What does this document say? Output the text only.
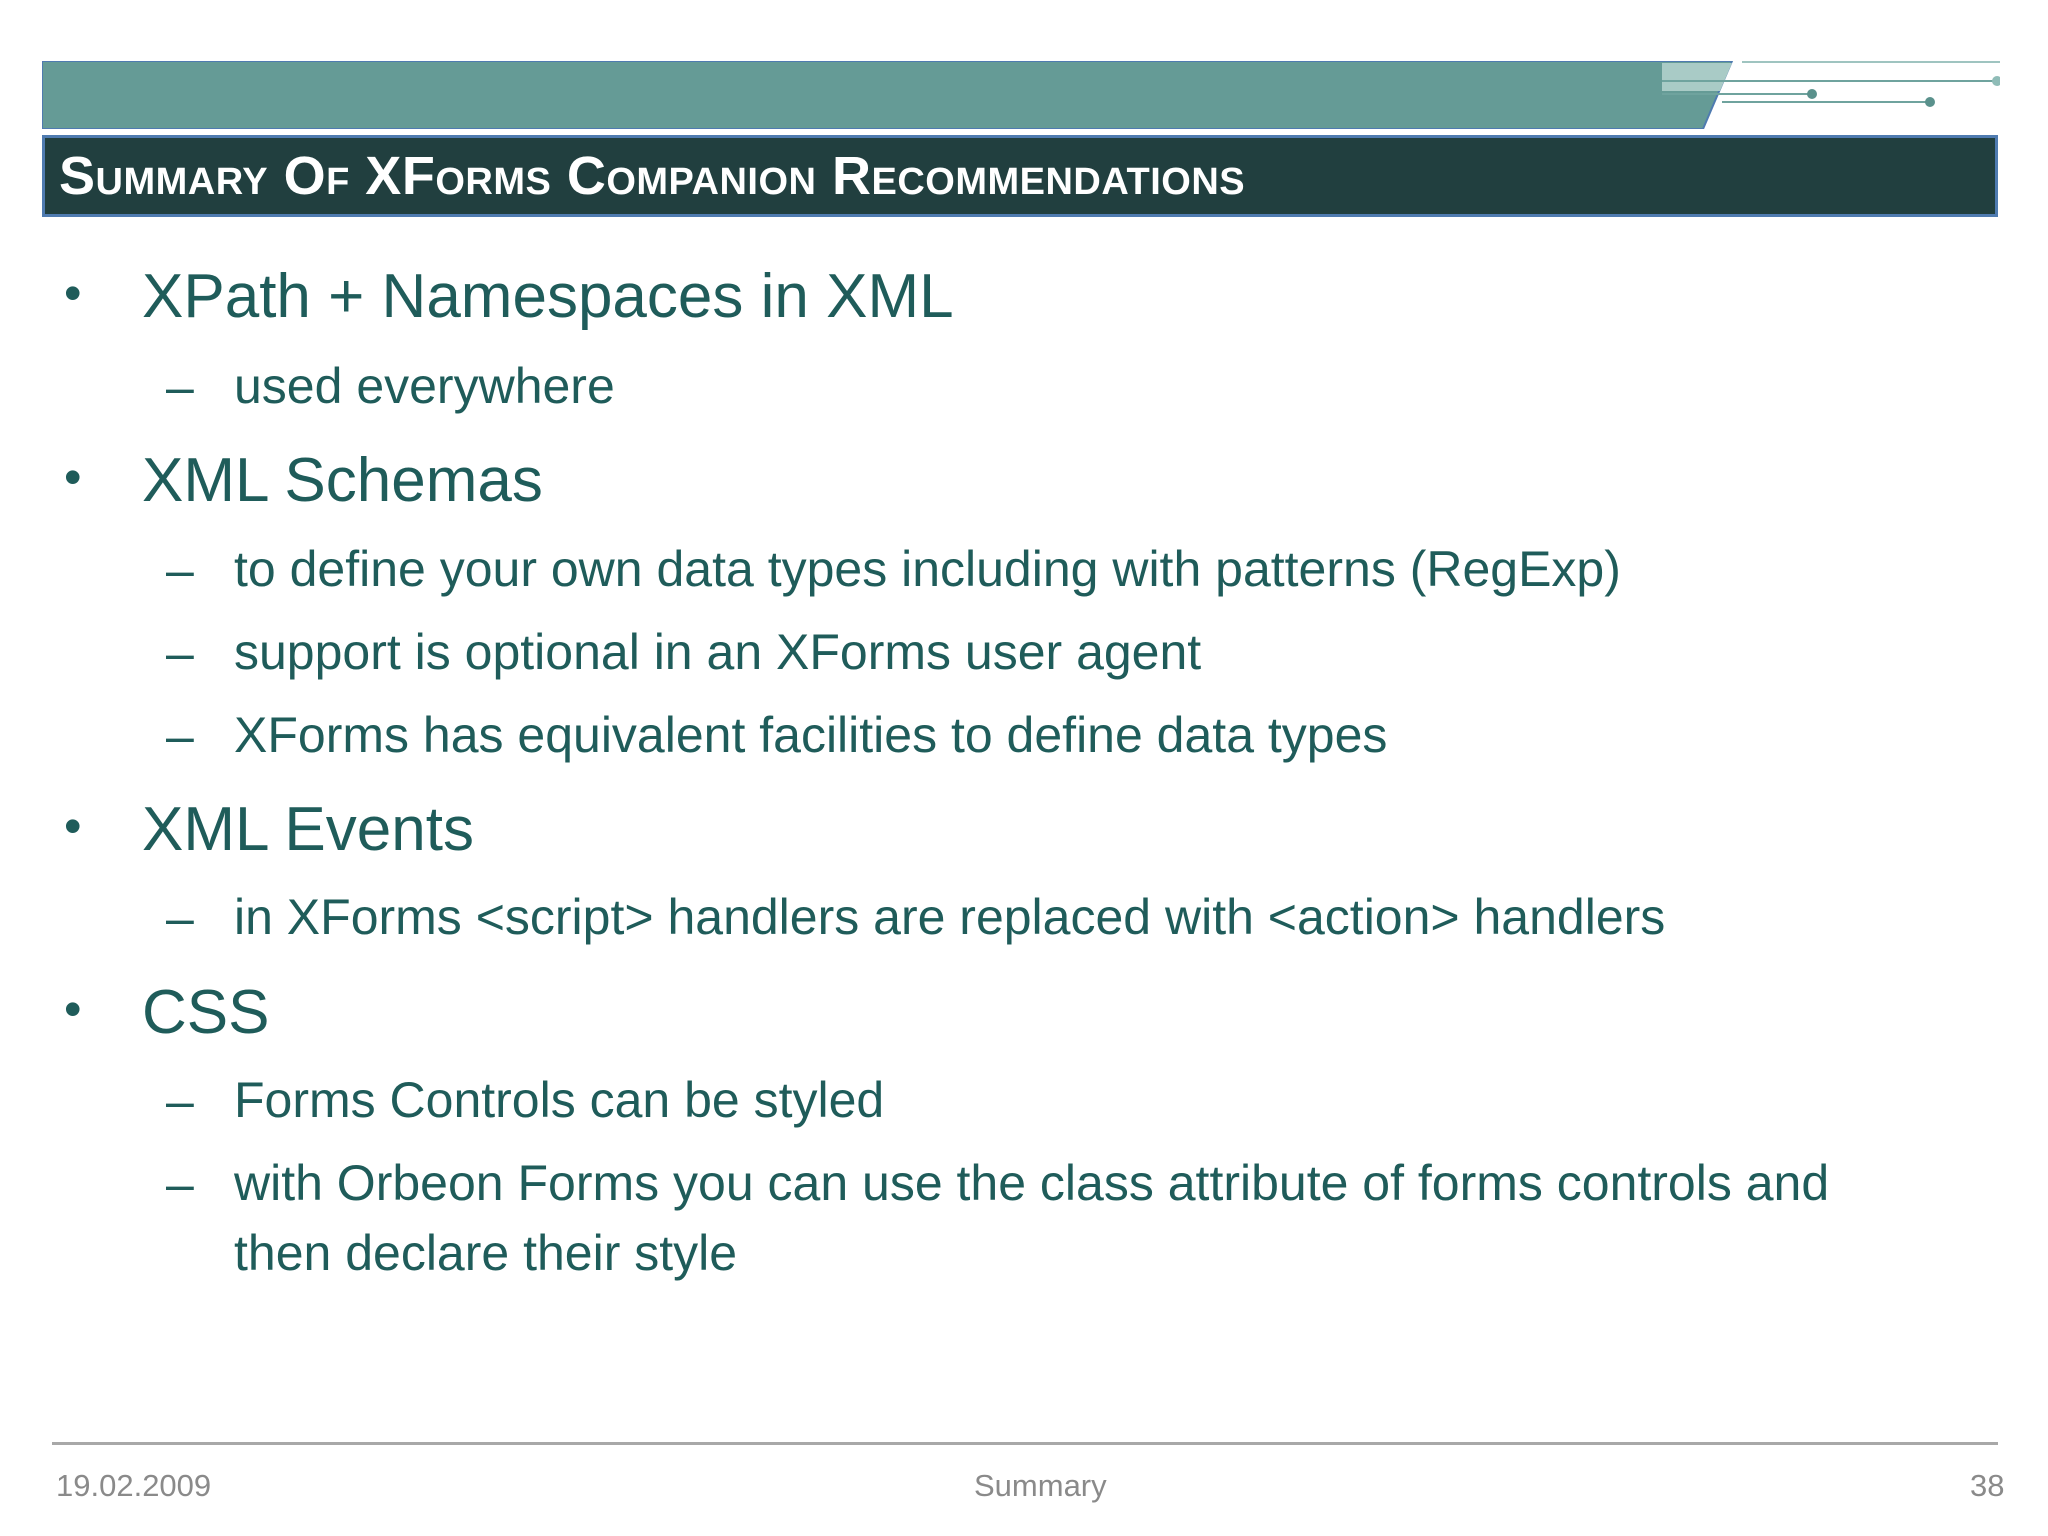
Summary Of XForms Companion Recommendations
• XPath + Namespaces in XML
– used everywhere
• XML Schemas
– to define your own data types including with patterns (RegExp)
– support is optional in an XForms user agent
– XForms has equivalent facilities to define data types
• XML Events
– in XForms <script> handlers are replaced with <action> handlers
• CSS
– Forms Controls can be styled
– with Orbeon Forms you can use the class attribute of forms controls and
then declare their style
19.02.2009	Summary	38
